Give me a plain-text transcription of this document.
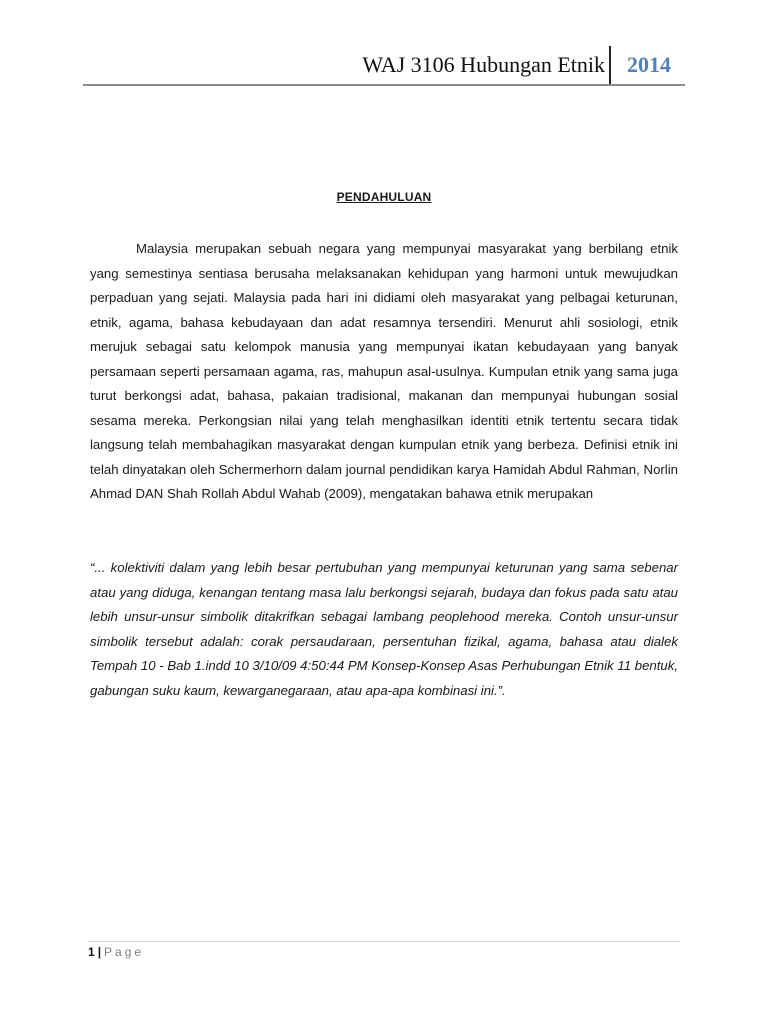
WAJ 3106 Hubungan Etnik 2014
PENDAHULUAN

Malaysia merupakan sebuah negara yang mempunyai masyarakat yang berbilang etnik yang semestinya sentiasa berusaha melaksanakan kehidupan yang harmoni untuk mewujudkan perpaduan yang sejati. Malaysia pada hari ini didiami oleh masyarakat yang pelbagai keturunan, etnik, agama, bahasa kebudayaan dan adat resamnya tersendiri. Menurut ahli sosiologi, etnik merujuk sebagai satu kelompok manusia yang mempunyai ikatan kebudayaan yang banyak persamaan seperti persamaan agama, ras, mahupun asal-usulnya. Kumpulan etnik yang sama juga turut berkongsi adat, bahasa, pakaian tradisional, makanan dan mempunyai hubungan sosial sesama mereka. Perkongsian nilai yang telah menghasilkan identiti etnik tertentu secara tidak langsung telah membahagikan masyarakat dengan kumpulan etnik yang berbeza. Definisi etnik ini telah dinyatakan oleh Schermerhorn dalam journal pendidikan karya Hamidah Abdul Rahman, Norlin Ahmad DAN Shah Rollah Abdul Wahab (2009), mengatakan bahawa etnik merupakan

“... kolektiviti dalam yang lebih besar pertubuhan yang mempunyai keturunan yang sama sebenar atau yang diduga, kenangan tentang masa lalu berkongsi sejarah, budaya dan fokus pada satu atau lebih unsur-unsur simbolik ditakrifkan sebagai lambang peoplehood mereka. Contoh unsur-unsur simbolik tersebut adalah: corak persaudaraan, persentuhan fizikal, agama, bahasa atau dialek Tempah 10 - Bab 1.indd 10 3/10/09 4:50:44 PM Konsep-Konsep Asas Perhubungan Etnik 11 bentuk, gabungan suku kaum, kewarganegaraan, atau apa-apa kombinasi ini.”.

1 | Page
